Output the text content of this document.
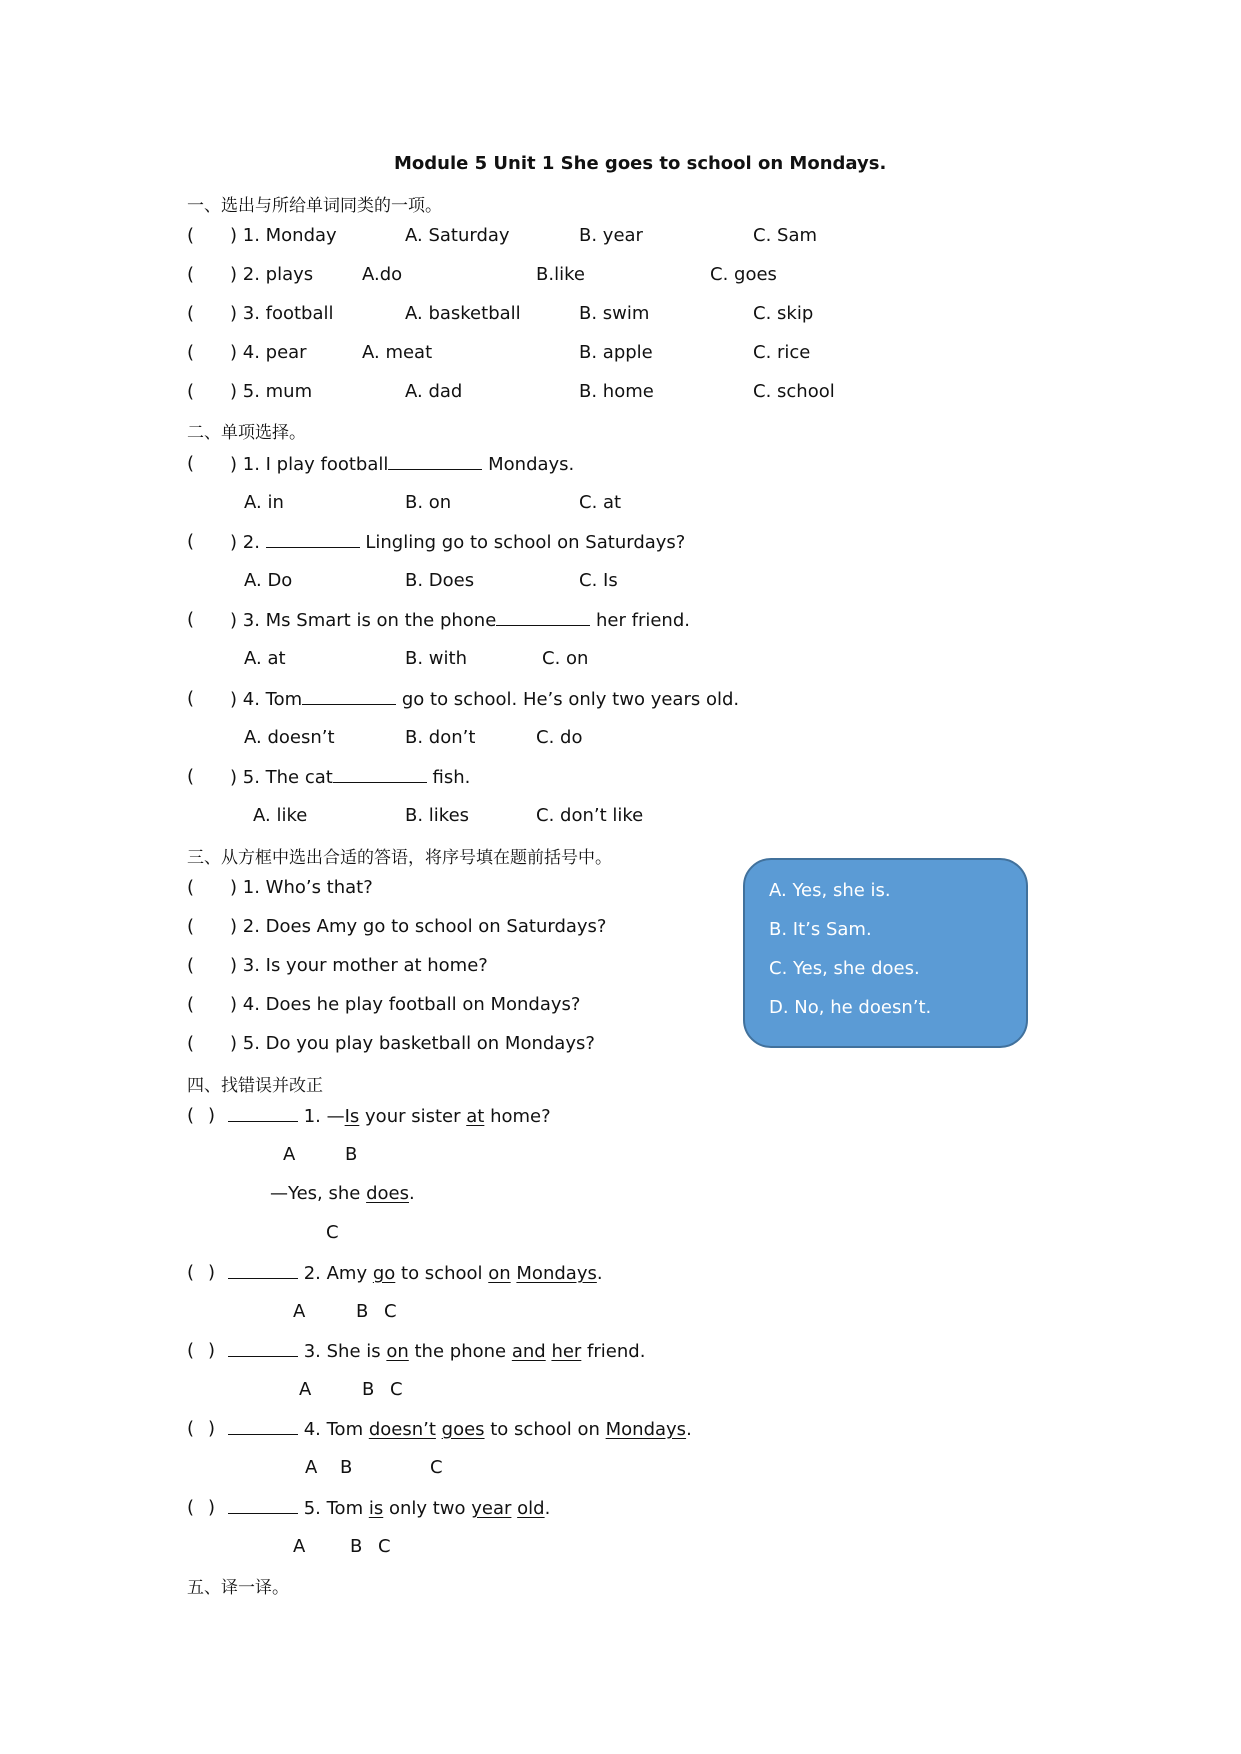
Module 5 Unit 1 She goes to school on Mondays.
一、选出与所给单词同类的一项。
( ) 1. Monday	A. Saturday	B. year	C. Sam
( ) 2. plays	A.do	B.like	C. goes
( ) 3. football	A. basketball	B. swim	C. skip
( ) 4. pear	A. meat	B. apple	C. rice
( ) 5. mum	A. dad	B. home	C. school
二、单项选择。
( ) 1. I play football	Mondays.
A. in	B. on	C. at
( ) 2.	Lingling go to school on Saturdays?
A. Do	B. Does	C. Is
( ) 3. Ms Smart is on the phone	her friend.
A. at	B. with	C. on
( ) 4. Tom	go to school. He’s only two years old.
A. doesn’t	B. don’t	C. do
( ) 5. The cat	fish.
A. like	B. likes	C. don’t like
三、从方框中选出合适的答语，将序号填在题前括号中。
( ) 1. Who’s that?
( ) 2. Does Amy go to school on Saturdays?
( ) 3. Is your mother at home?
( ) 4. Does he play football on Mondays?
( ) 5. Do you play basketball on Mondays?
A. Yes, she is.
B. It’s Sam.
C. Yes, she does.
D. No, he doesn’t.
四、找错误并改正
( )	1. —Is your sister at home?
A	B
—Yes, she does.
C
( )	2. Amy go to school on Mondays.
A	B C
( )	3. She is on the phone and her friend.
A	B C
( )	4. Tom doesn’t goes to school on Mondays.
A B	C
( )	5. Tom is only two year old.
A B C
五、译一译。
